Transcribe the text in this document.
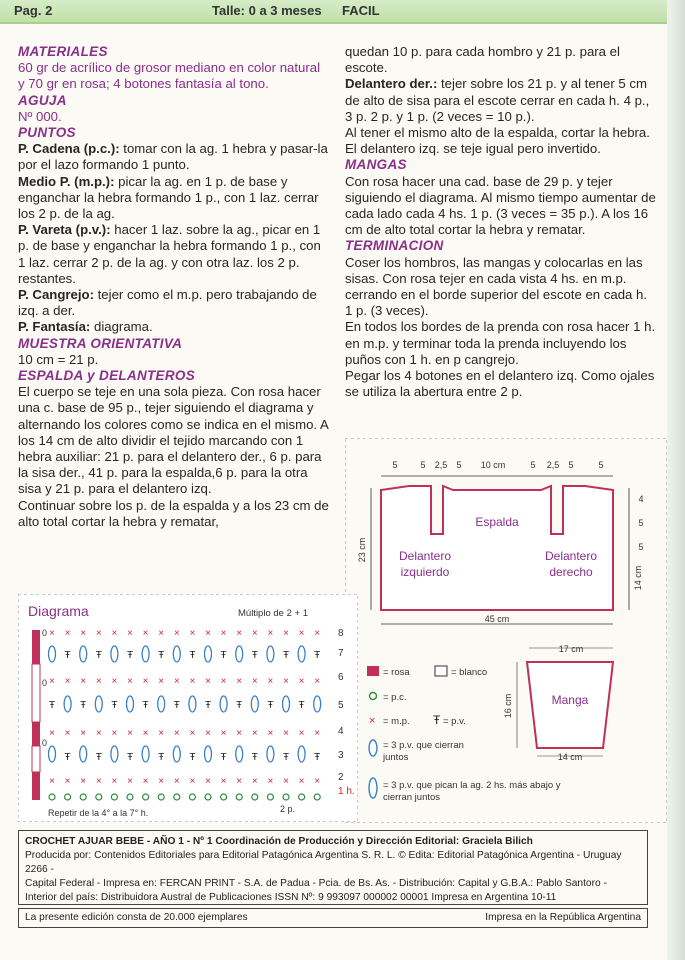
Pag. 2	Talle: 0 a 3 meses FACIL

MATERIALES

60 gr de acrílico de grosor mediano en color natural y 70 gr en rosa; 4 botones fantasía al tono.

AGUJA

Nº 000.

PUNTOS

P. Cadena (p.c.): tomar con la ag. 1 hebra y pasar-la por el lazo formando 1 punto.

Medio P. (m.p.): picar la ag. en 1 p. de base y enganchar la hebra formando 1 p., con 1 laz. cerrar los 2 p. de la ag.

P. Vareta (p.v.): hacer 1 laz. sobre la ag., picar en 1 p. de base y enganchar la hebra formando 1 p., con 1 laz. cerrar 2 p. de la ag. y con otra laz. los 2 p. restantes.

P. Cangrejo: tejer como el m.p. pero trabajando de izq. a der.

P. Fantasía: diagrama.

MUESTRA ORIENTATIVA

10 cm = 21 p.

ESPALDA y DELANTEROS

El cuerpo se teje en una sola pieza. Con rosa hacer una c. base de 95 p., tejer siguiendo el diagrama y alternando los colores como se indica en el mismo. A los 14 cm de alto dividir el tejido marcando con 1 hebra auxiliar: 21 p. para el delantero der., 6 p. para la sisa der., 41 p. para la espalda,6 p. para la otra sisa y 21 p. para el delantero izq.

Continuar sobre los p. de la espalda y a los 23 cm de alto total cortar la hebra y rematar,

quedan 10 p. para cada hombro y 21 p. para el escote.

Delantero der.: tejer sobre los 21 p. y al tener 5 cm de alto de sisa para el escote cerrar en cada h. 4 p., 3 p. 2 p. y 1 p. (2 veces = 10 p.).

Al tener el mismo alto de la espalda, cortar la hebra. El delantero izq. se teje igual pero invertido.

MANGAS

Con rosa hacer una cad. base de 29 p. y tejer siguiendo el diagrama. Al mismo tiempo aumentar de cada lado cada 4 hs. 1 p. (3 veces = 35 p.). A los 16 cm de alto total cortar la hebra y rematar.

TERMINACION

Coser los hombros, las mangas y colocarlas en las sisas. Con rosa tejer en cada vista 4 hs. en m.p. cerrando en el borde superior del escote en cada h. 1 p. (3 veces).

En todos los bordes de la prenda con rosa hacer 1 h. en m.p. y terminar toda la prenda incluyendo los puños con 1 h. en p cangrejo.

Pegar los 4 botones en el delantero izq. Como ojales se utiliza la abertura entre 2 p.

5	5 2,5 5 10 cm	5 2,5 5	5
Espalda
Delantero
izquierdo
Delantero
derecho
23 cm
45 cm
4
5
5
14 cm
= rosa	= blanco
= p.c.
× = m.p. Ŧ = p.v.
= 3 p.v. que cierran
juntos
= 3 p.v. que pican la ag. 2 hs. más abajo y
cierran juntos
17 cm
Manga
16 cm
14 cm
Diagrama	Múltiplo de 2 + 1
0
0
0
×
×
Ŧ
×
×
×
Ŧ
×
×
Ŧ
×
×
×
Ŧ
×
×
×
Ŧ
×
×
Ŧ
×
×
×
Ŧ
×
×
×
Ŧ
×
×
Ŧ
×
×
×
Ŧ
×
×
×
Ŧ
×
×
Ŧ
×
×
×
Ŧ
×
×
×
Ŧ
×
×
Ŧ
×
×
×
Ŧ
×
×
×
Ŧ
×
×
Ŧ
×
×
×
Ŧ
×
×
×
Ŧ
×
×
Ŧ
×
×
×
Ŧ
×
×
×
Ŧ
×
×
Ŧ
×
×
×
Ŧ
×
×
×
Ŧ
×
×
Ŧ
×
8
7
6
5
4
3
2
1 h.
Repetir de la 4° a la 7° h.	2 p.
CROCHET AJUAR BEBE - AÑO 1 - Nº 1 Coordinación de Producción y Dirección Editorial: Graciela Bilich
Producida por: Contenidos Editoriales para Editorial Patagónica Argentina S. R. L. © Edita: Editorial Patagónica Argentina - Uruguay 2266 -
Capital Federal - Impresa en: FERCAN PRINT - S.A. de Padua - Pcia. de Bs. As. - Distribución: Capital y G.B.A.: Pablo Santoro -
Interior del país: Distribuidora Austral de Publicaciones ISSN Nº: 9 993097 000002 00001 Impresa en Argentina 10-11
La presente edición consta de 20.000 ejemplares	Impresa en la República Argentina
